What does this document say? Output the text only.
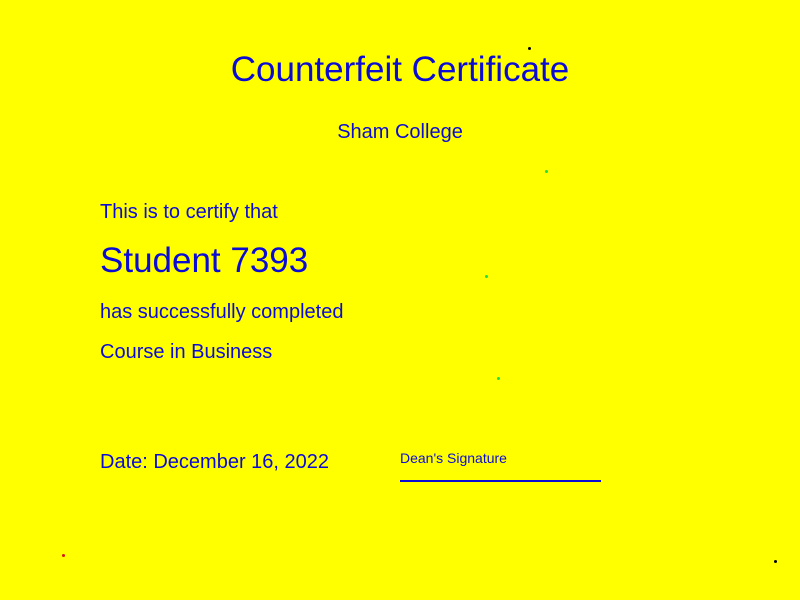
Counterfeit Certificate
Sham College
This is to certify that
Student 7393
has successfully completed
Course in Business
Date: December 16, 2022	Dean's Signature
